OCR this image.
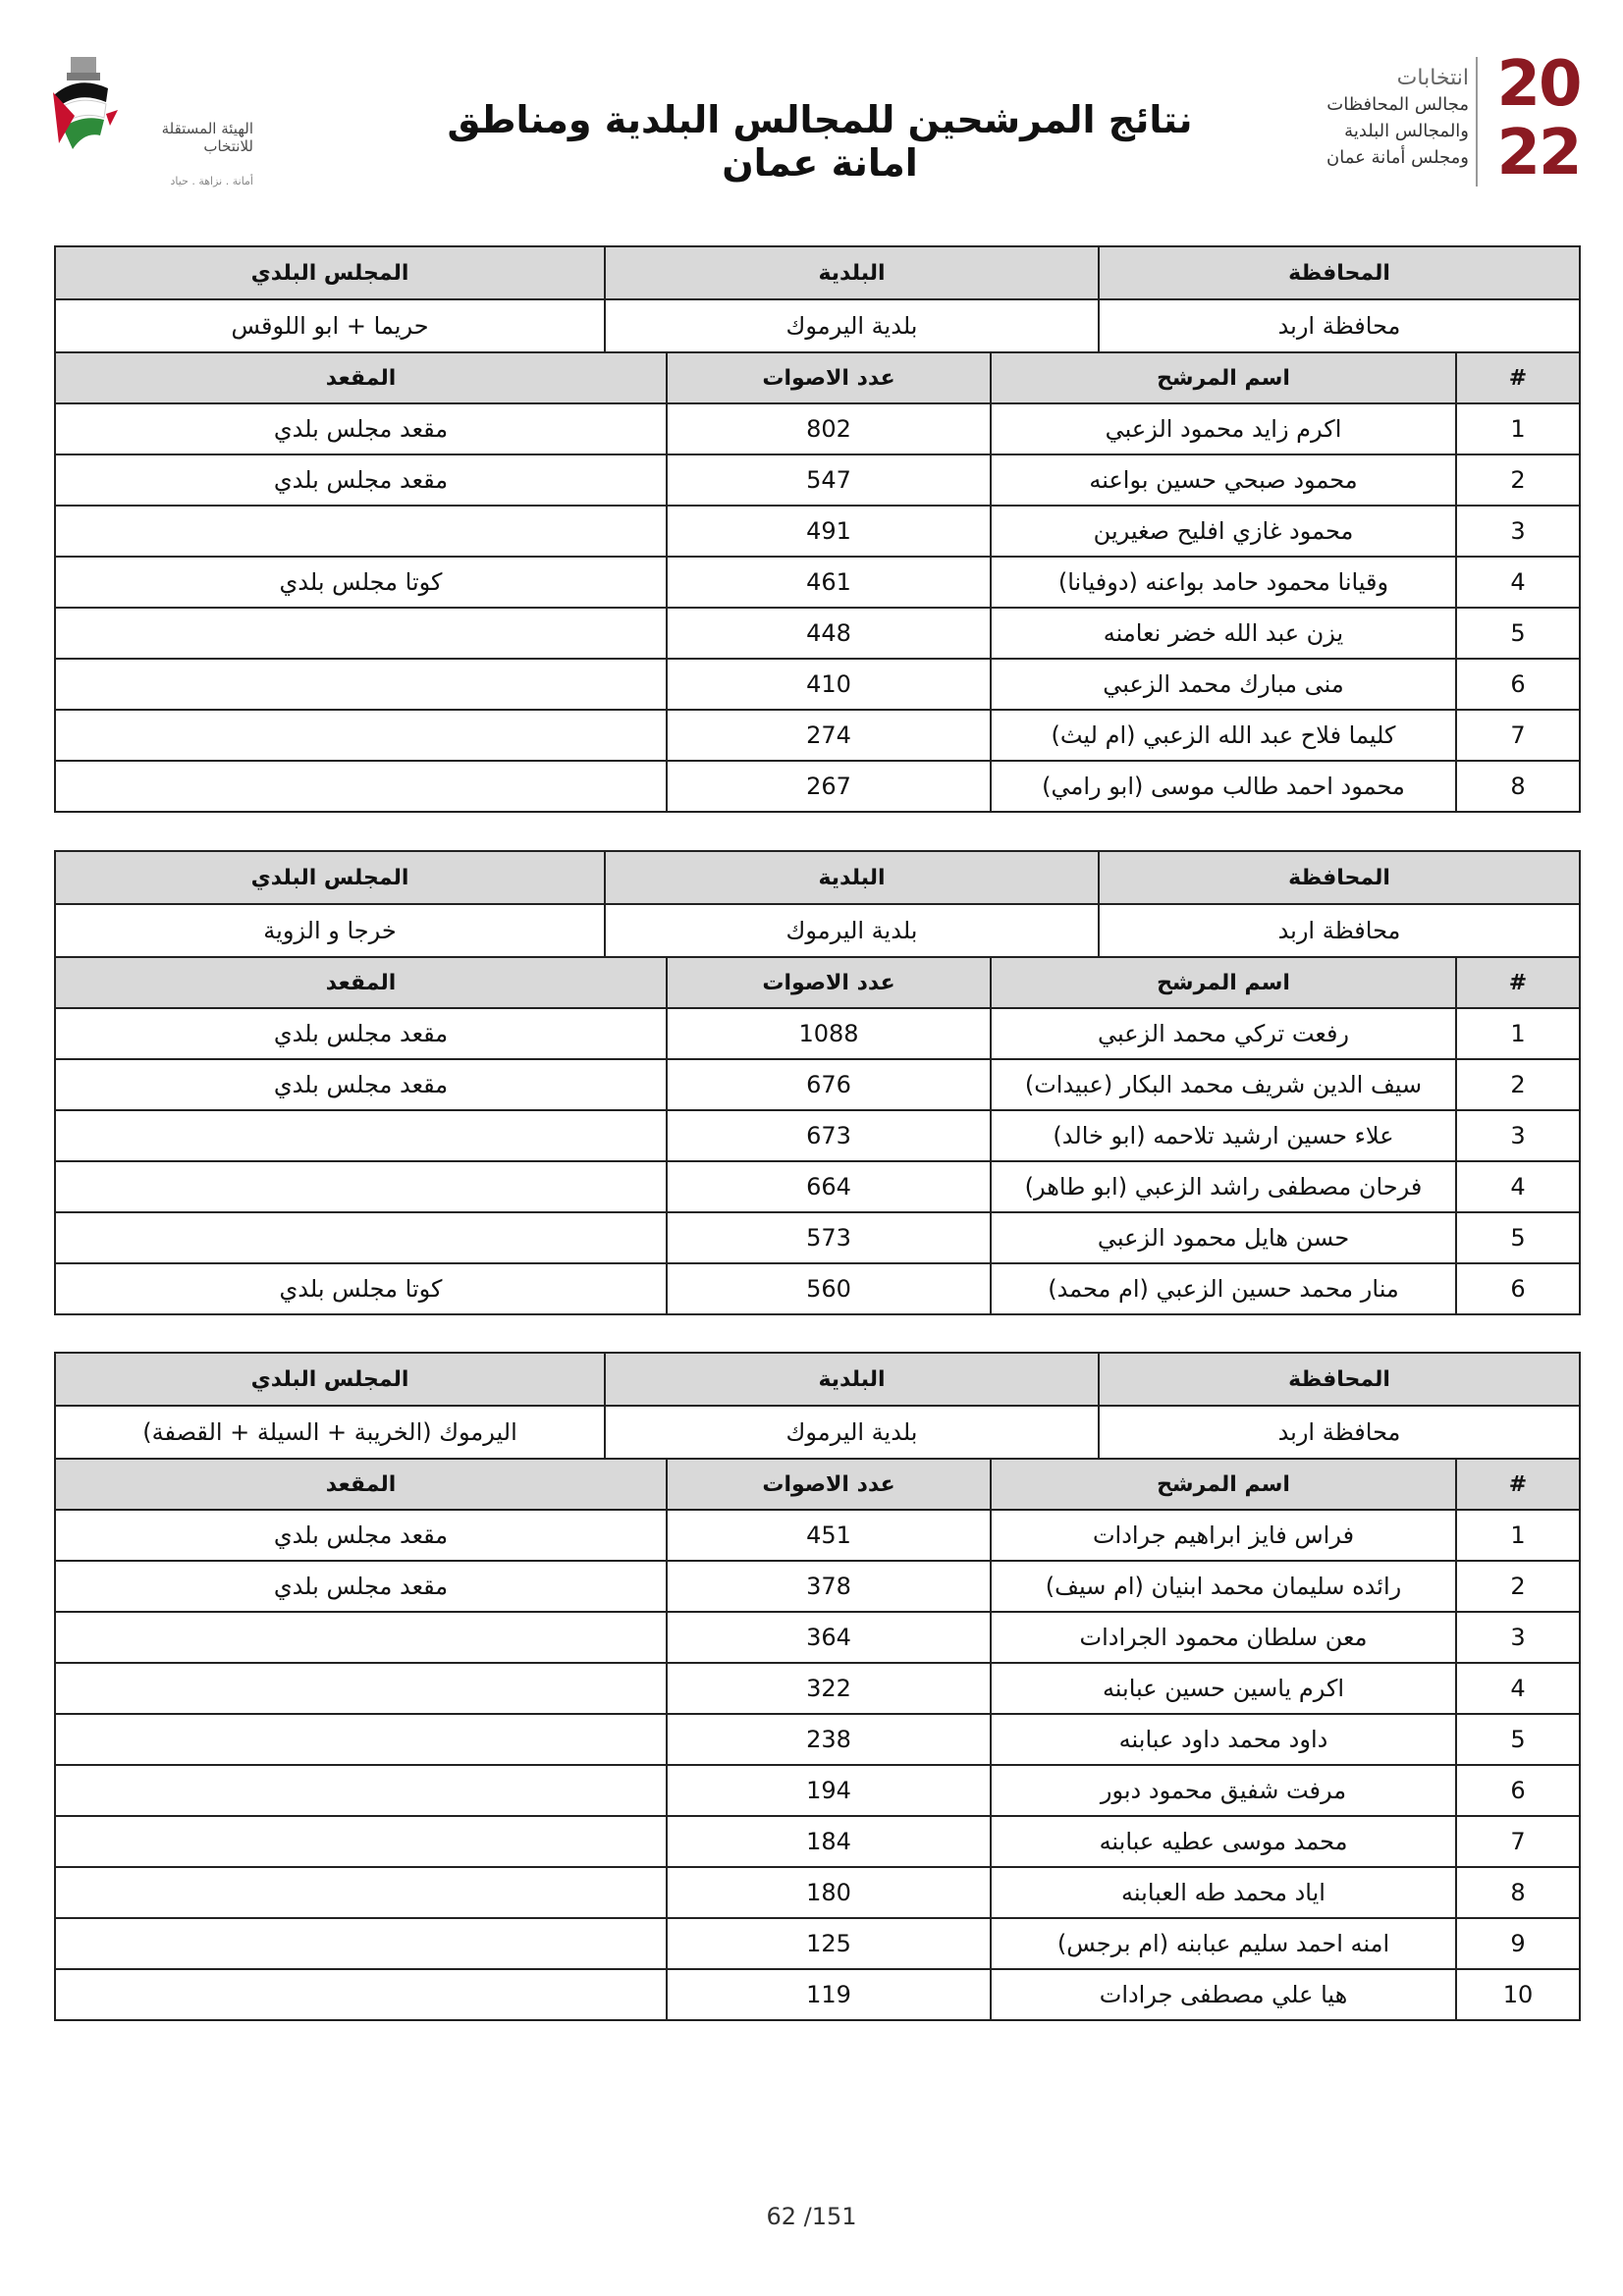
الهيئة المستقلة
للانتخاب
أمانة . نزاهة . حياد
نتائج المرشحين للمجالس البلدية ومناطق امانة عمان
انتخابات
مجالس المحافظات
والمجالس البلدية
ومجلس أمانة عمان
20
22
المحافظة	البلدية	المجلس البلدي
محافظة اربد	بلدية اليرموك	حريما + ابو اللوقس
#	اسم المرشح	عدد الاصوات	المقعد
1	اكرم زايد محمود الزعبي	802	مقعد مجلس بلدي
2	محمود صبحي حسين بواعنه	547	مقعد مجلس بلدي
3	محمود غازي افليح صغيرين	491	
4	وقيانا محمود حامد بواعنه (دوفيانا)	461	كوتا مجلس بلدي
5	يزن عبد الله خضر نعامنه	448	
6	منى مبارك محمد الزعبي	410	
7	كليما فلاح عبد الله الزعبي (ام ليث)	274	
8	محمود احمد طالب موسى (ابو رامي)	267	
المحافظة	البلدية	المجلس البلدي
محافظة اربد	بلدية اليرموك	خرجا و الزوية
#	اسم المرشح	عدد الاصوات	المقعد
1	رفعت تركي محمد الزعبي	1088	مقعد مجلس بلدي
2	سيف الدين شريف محمد البكار (عبيدات)	676	مقعد مجلس بلدي
3	علاء حسين ارشيد تلاحمه (ابو خالد)	673	
4	فرحان مصطفى راشد الزعبي (ابو طاهر)	664	
5	حسن هايل محمود الزعبي	573	
6	منار محمد حسين الزعبي (ام محمد)	560	كوتا مجلس بلدي
المحافظة	البلدية	المجلس البلدي
محافظة اربد	بلدية اليرموك	اليرموك (الخريبة + السيلة + القصفة)
#	اسم المرشح	عدد الاصوات	المقعد
1	فراس فايز ابراهيم جرادات	451	مقعد مجلس بلدي
2	رائده سليمان محمد ابنيان (ام سيف)	378	مقعد مجلس بلدي
3	معن سلطان محمود الجرادات	364	
4	اكرم ياسين حسين عبابنه	322	
5	داود محمد داود عبابنه	238	
6	مرفت شفيق محمود دبور	194	
7	محمد موسى عطيه عبابنه	184	
8	اياد محمد طه العبابنه	180	
9	امنه احمد سليم عبابنه (ام برجس)	125	
10	هيا علي مصطفى جرادات	119	
62 /151
